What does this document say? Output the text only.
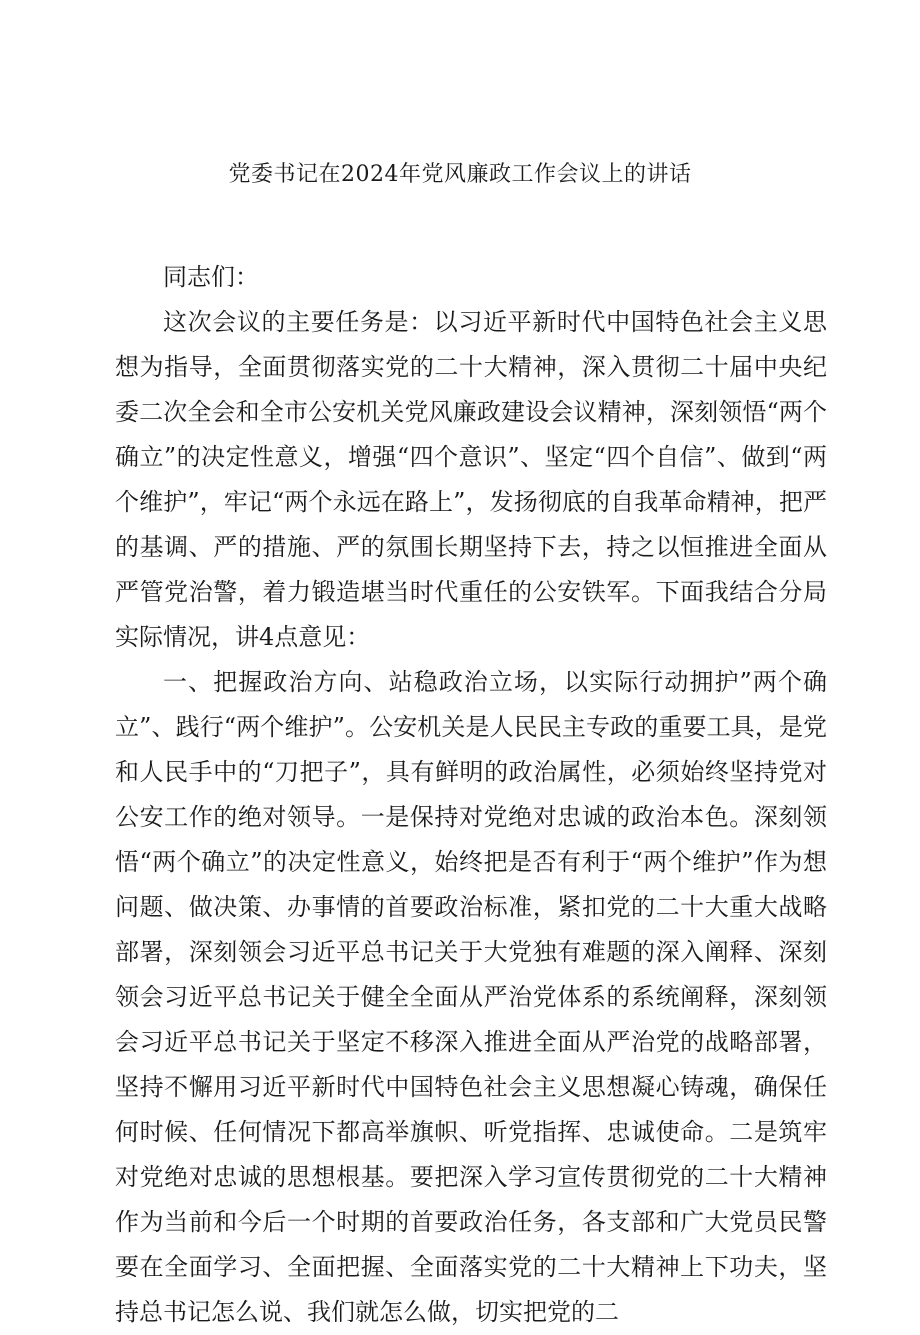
党委书记在2024年党风廉政工作会议上的讲话

同志们：

这次会议的主要任务是：以习近平新时代中国特色社会主义思想为指导，全面贯彻落实党的二十大精神，深入贯彻二十届中央纪委二次全会和全市公安机关党风廉政建设会议精神，深刻领悟“两个确立”的决定性意义，增强“四个意识”、坚定“四个自信”、做到“两个维护”，牢记“两个永远在路上”，发扬彻底的自我革命精神，把严的基调、严的措施、严的氛围长期坚持下去，持之以恒推进全面从严管党治警，着力锻造堪当时代重任的公安铁军。下面我结合分局实际情况，讲4点意见：

一、把握政治方向、站稳政治立场，以实际行动拥护”两个确立”、践行“两个维护”。公安机关是人民民主专政的重要工具，是党和人民手中的“刀把子”，具有鲜明的政治属性，必须始终坚持党对公安工作的绝对领导。一是保持对党绝对忠诚的政治本色。深刻领悟“两个确立”的决定性意义，始终把是否有利于“两个维护”作为想问题、做决策、办事情的首要政治标准，紧扣党的二十大重大战略部署，深刻领会习近平总书记关于大党独有难题的深入阐释、深刻领会习近平总书记关于健全全面从严治党体系的系统阐释，深刻领会习近平总书记关于坚定不移深入推进全面从严治党的战略部署，坚持不懈用习近平新时代中国特色社会主义思想凝心铸魂，确保任何时候、任何情况下都高举旗帜、听党指挥、忠诚使命。二是筑牢对党绝对忠诚的思想根基。要把深入学习宣传贯彻党的二十大精神作为当前和今后一个时期的首要政治任务，各支部和广大党员民警要在全面学习、全面把握、全面落实党的二十大精神上下功夫，坚持总书记怎么说、我们就怎么做，切实把党的二
